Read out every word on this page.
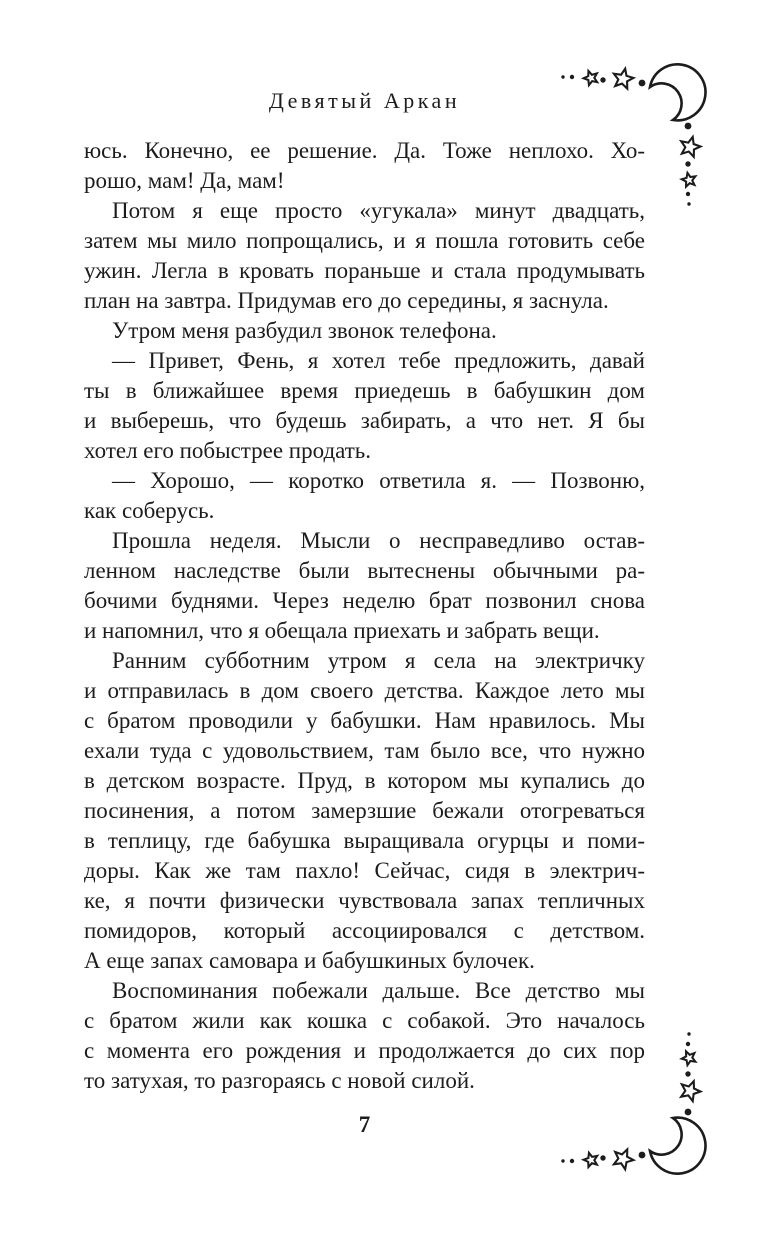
Девятый Аркан
юсь. Конечно, ее решение. Да. Тоже неплохо. Хо-
рошо, мам! Да, мам!
Потом я еще просто «угукала» минут двадцать,
затем мы мило попрощались, и я пошла готовить себе
ужин. Легла в кровать пораньше и стала продумывать
план на завтра. Придумав его до середины, я заснула.
Утром меня разбудил звонок телефона.
— Привет, Фень, я хотел тебе предложить, давай
ты в ближайшее время приедешь в бабушкин дом
и выберешь, что будешь забирать, а что нет. Я бы
хотел его побыстрее продать.
— Хорошо, — коротко ответила я. — Позвоню,
как соберусь.
Прошла неделя. Мысли о несправедливо остав-
ленном наследстве были вытеснены обычными ра-
бочими буднями. Через неделю брат позвонил снова
и напомнил, что я обещала приехать и забрать вещи.
Ранним субботним утром я села на электричку
и отправилась в дом своего детства. Каждое лето мы
с братом проводили у бабушки. Нам нравилось. Мы
ехали туда с удовольствием, там было все, что нужно
в детском возрасте. Пруд, в котором мы купались до
посинения, а потом замерзшие бежали отогреваться
в теплицу, где бабушка выращивала огурцы и поми-
доры. Как же там пахло! Сейчас, сидя в электрич-
ке, я почти физически чувствовала запах тепличных
помидоров, который ассоциировался с детством.
А еще запах самовара и бабушкиных булочек.
Воспоминания побежали дальше. Все детство мы
с братом жили как кошка с собакой. Это началось
с момента его рождения и продолжается до сих пор
то затухая, то разгораясь с новой силой.
7
